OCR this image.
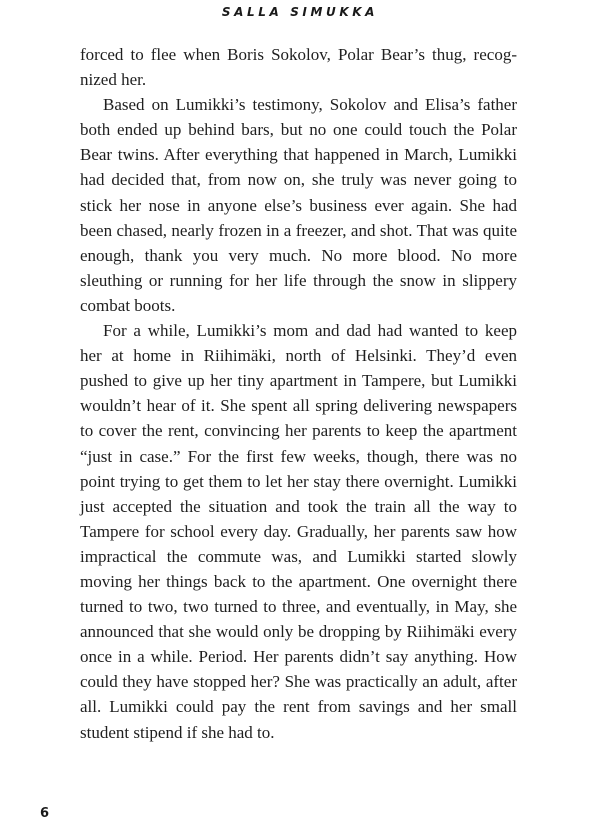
SALLA SIMUKKA

forced to flee when Boris Sokolov, Polar Bear’s thug, recognized her.

Based on Lumikki’s testimony, Sokolov and Elisa’s father both ended up behind bars, but no one could touch the Polar Bear twins. After everything that happened in March, Lumikki had decided that, from now on, she truly was never going to stick her nose in anyone else’s business ever again. She had been chased, nearly frozen in a freezer, and shot. That was quite enough, thank you very much. No more blood. No more sleuthing or running for her life through the snow in slippery combat boots.

For a while, Lumikki’s mom and dad had wanted to keep her at home in Riihimäki, north of Helsinki. They’d even pushed to give up her tiny apartment in Tampere, but Lumikki wouldn’t hear of it. She spent all spring delivering newspapers to cover the rent, convincing her parents to keep the apartment “just in case.” For the first few weeks, though, there was no point trying to get them to let her stay there overnight. Lumikki just accepted the situation and took the train all the way to Tampere for school every day. Gradually, her parents saw how impractical the commute was, and Lumikki started slowly moving her things back to the apartment. One overnight there turned to two, two turned to three, and eventually, in May, she announced that she would only be dropping by Riihimäki every once in a while. Period. Her parents didn’t say anything. How could they have stopped her? She was practically an adult, after all. Lumikki could pay the rent from savings and her small student stipend if she had to.

6
